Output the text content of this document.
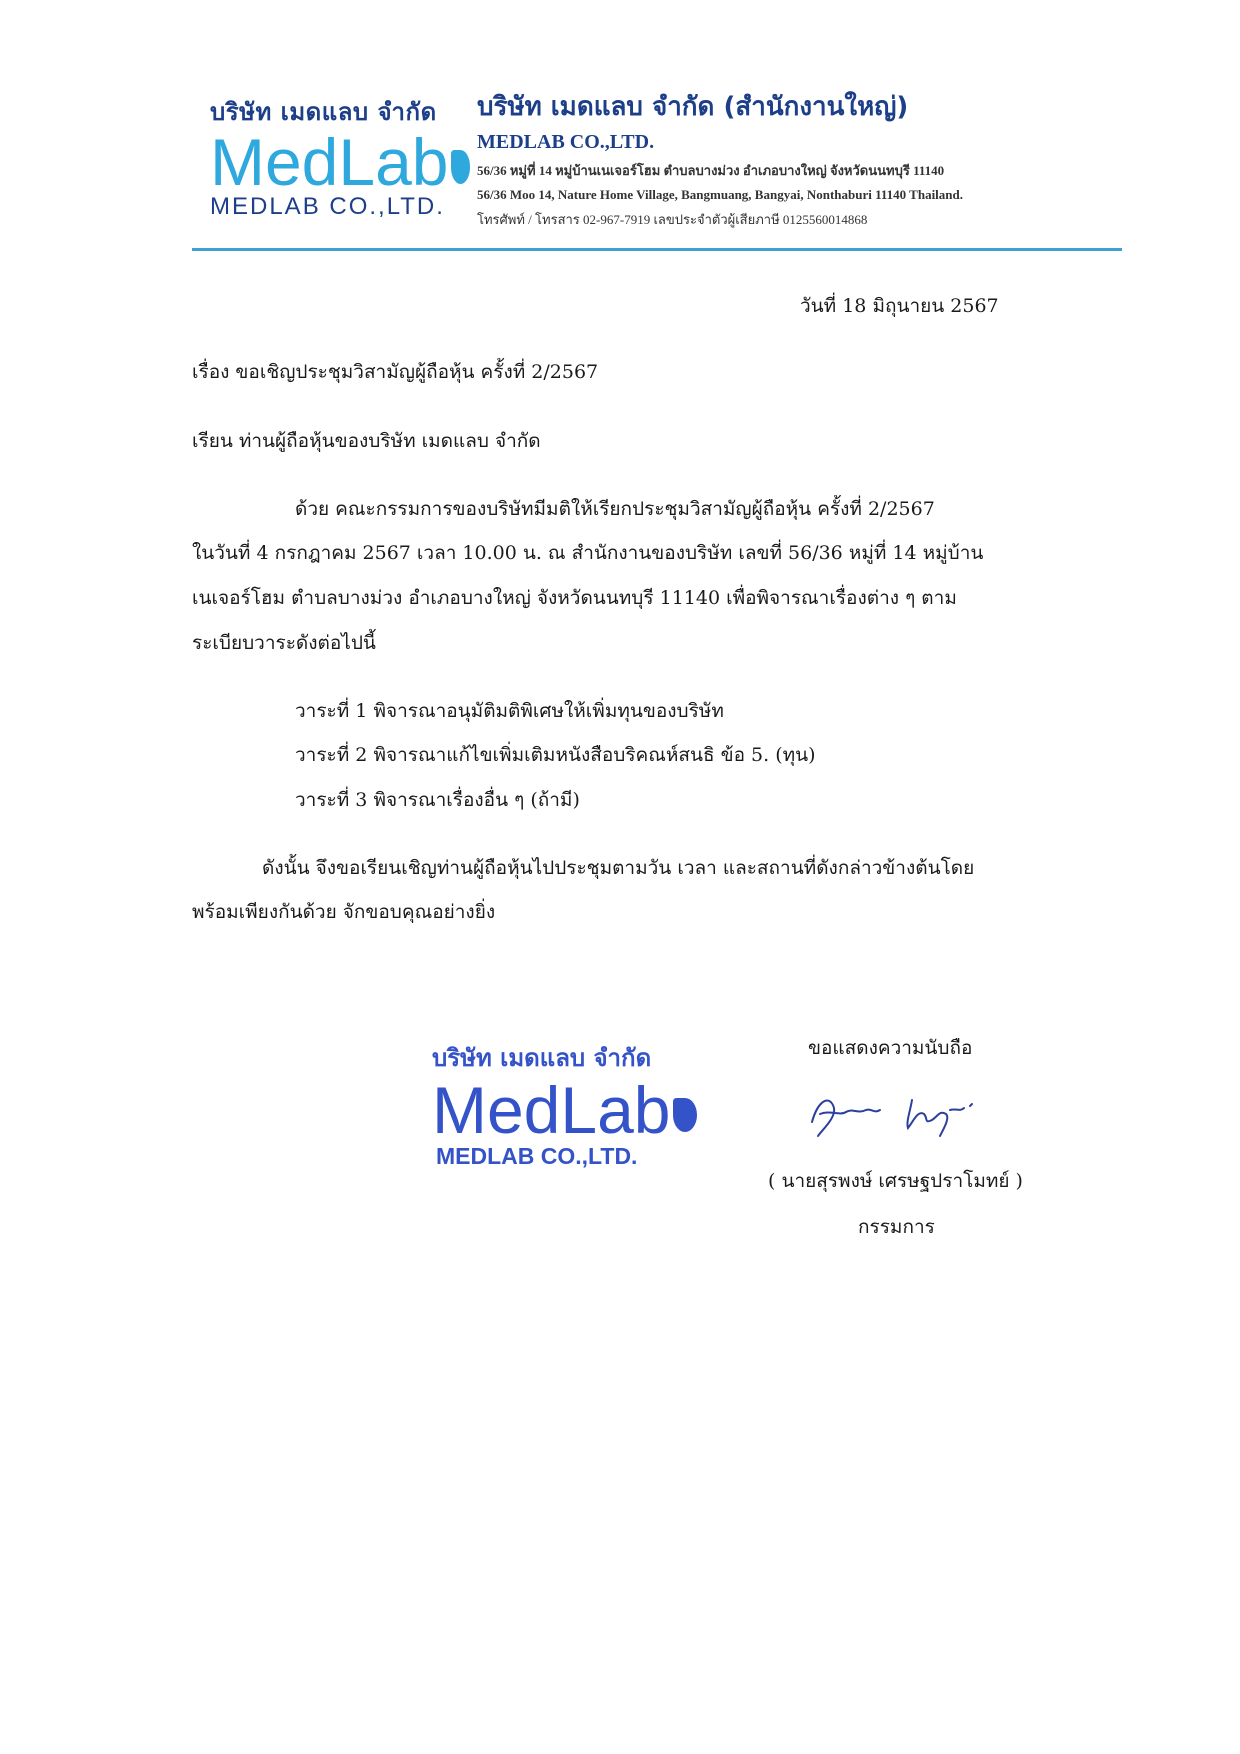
บริษัท เมดแลบ จำกัด
MedLab
MEDLAB CO.,LTD.
บริษัท เมดแลบ จำกัด (สำนักงานใหญ่)
MEDLAB CO.,LTD.
56/36 หมู่ที่ 14 หมู่บ้านเนเจอร์โฮม ตำบลบางม่วง อำเภอบางใหญ่ จังหวัดนนทบุรี 11140
56/36 Moo 14, Nature Home Village, Bangmuang, Bangyai, Nonthaburi 11140 Thailand.
โทรศัพท์ / โทรสาร 02-967-7919 เลขประจำตัวผู้เสียภาษี 0125560014868
วันที่ 18 มิถุนายน 2567
เรื่อง ขอเชิญประชุมวิสามัญผู้ถือหุ้น ครั้งที่ 2/2567
เรียน ท่านผู้ถือหุ้นของบริษัท เมดแลบ จำกัด
ด้วย คณะกรรมการของบริษัทมีมติให้เรียกประชุมวิสามัญผู้ถือหุ้น ครั้งที่ 2/2567
ในวันที่ 4 กรกฎาคม 2567 เวลา 10.00 น. ณ สำนักงานของบริษัท เลขที่ 56/36 หมู่ที่ 14 หมู่บ้าน
เนเจอร์โฮม ตำบลบางม่วง อำเภอบางใหญ่ จังหวัดนนทบุรี 11140 เพื่อพิจารณาเรื่องต่าง ๆ ตาม
ระเบียบวาระดังต่อไปนี้
วาระที่ 1 พิจารณาอนุมัติมติพิเศษให้เพิ่มทุนของบริษัท
วาระที่ 2 พิจารณาแก้ไขเพิ่มเติมหนังสือบริคณห์สนธิ ข้อ 5. (ทุน)
วาระที่ 3 พิจารณาเรื่องอื่น ๆ (ถ้ามี)
ดังนั้น จึงขอเรียนเชิญท่านผู้ถือหุ้นไปประชุมตามวัน เวลา และสถานที่ดังกล่าวข้างต้นโดย
พร้อมเพียงกันด้วย จักขอบคุณอย่างยิ่ง
บริษัท เมดแลบ จำกัด
MedLab
MEDLAB CO.,LTD.
ขอแสดงความนับถือ
( นายสุรพงษ์ เศรษฐปราโมทย์ )
กรรมการ
